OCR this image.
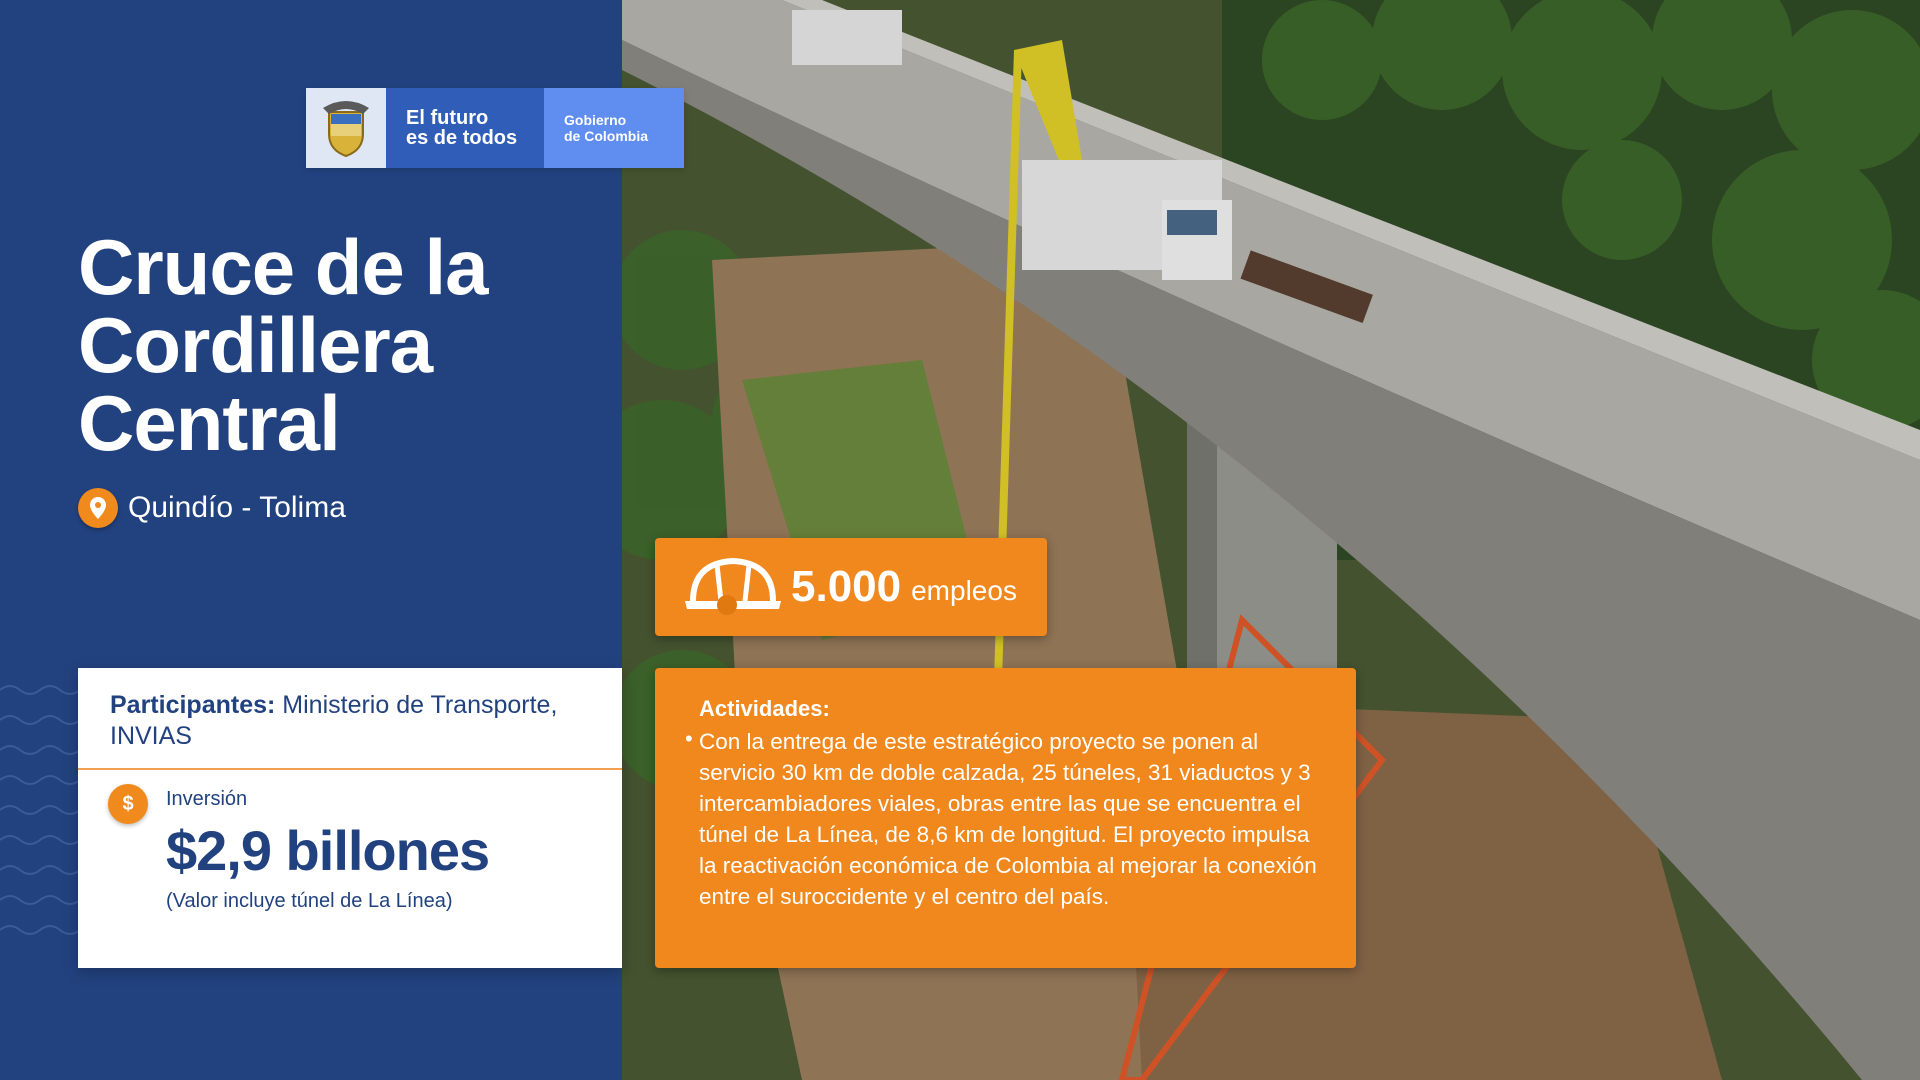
El futuro
es de todos
Gobierno
de Colombia
Cruce de la
Cordillera
Central
Quindío - Tolima
Participantes: Ministerio de Transporte, INVIAS
$	Inversión
$2,9 billones
(Valor incluye túnel de La Línea)
5.000 empleos
Actividades:
• Con la entrega de este estratégico proyecto se ponen al servicio 30 km de doble calzada, 25 túneles, 31 viaductos y 3 intercambiadores viales, obras entre las que se encuentra el túnel de La Línea, de 8,6 km de longitud. El proyecto impulsa la reactivación económica de Colombia al mejorar la conexión entre el suroccidente y el centro del país.
